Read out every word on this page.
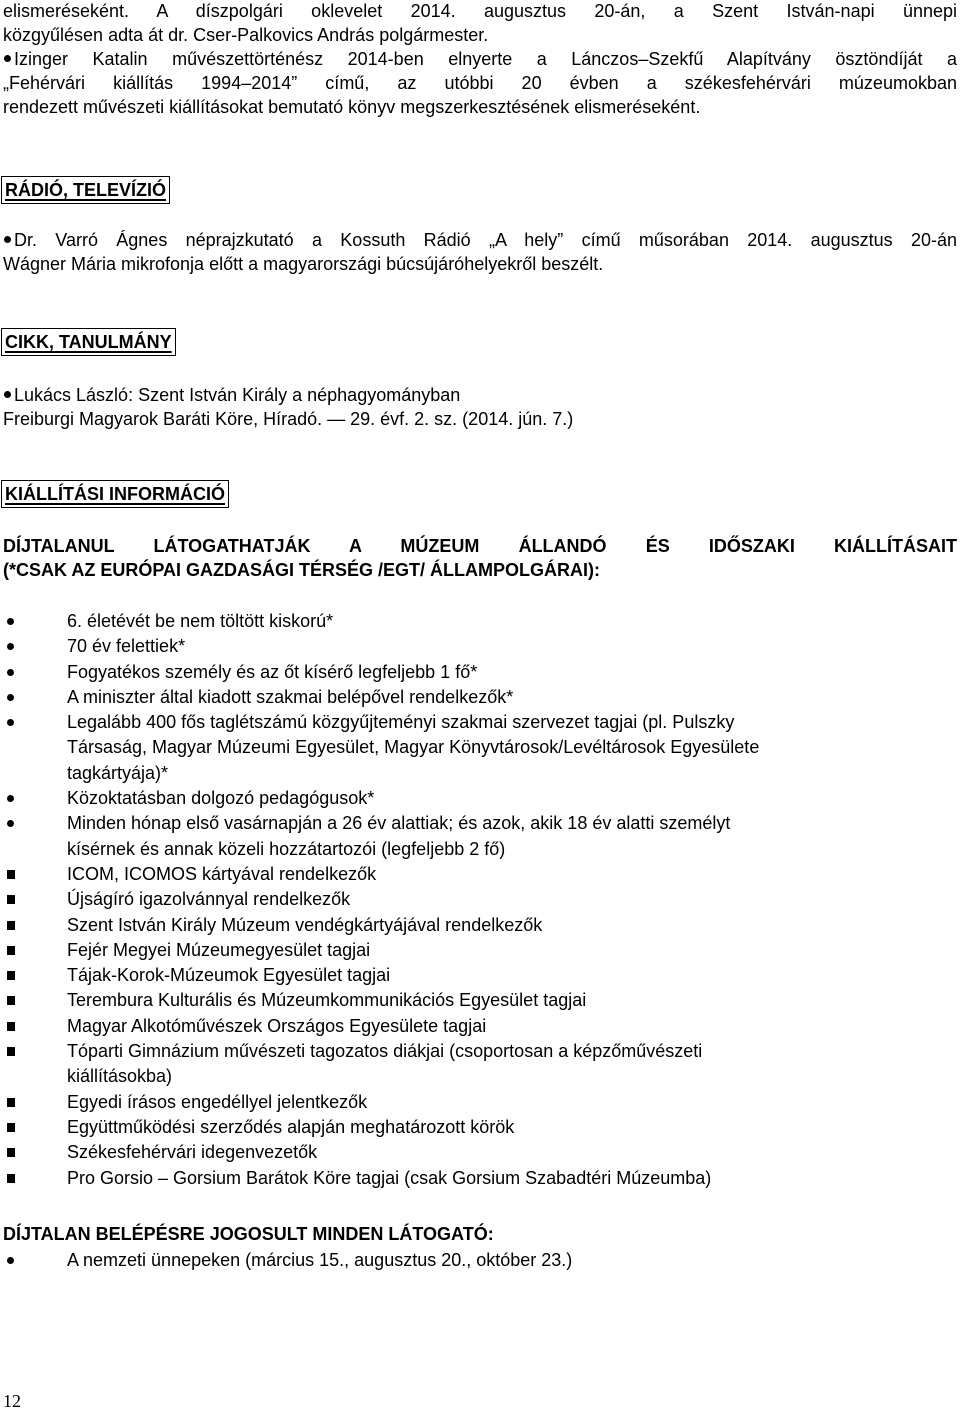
elismeréseként. A díszpolgári oklevelet 2014. augusztus 20-án, a Szent István-napi ünnepi

közgyűlésen adta át dr. Cser-Palkovics András polgármester.

Izinger Katalin művészettörténész 2014-ben elnyerte a Lánczos–Szekfű Alapítvány ösztöndíját a

„Fehérvári kiállítás 1994–2014” című, az utóbbi 20 évben a székesfehérvári múzeumokban

rendezett művészeti kiállításokat bemutató könyv megszerkesztésének elismeréseként.

RÁDIÓ, TELEVÍZIÓ

Dr. Varró Ágnes néprajzkutató a Kossuth Rádió „A hely” című műsorában 2014. augusztus 20-án

Wágner Mária mikrofonja előtt a magyarországi búcsújáróhelyekről beszélt.

CIKK, TANULMÁNY

Lukács László: Szent István Király a néphagyományban

Freiburgi Magyarok Baráti Köre, Híradó. — 29. évf. 2. sz. (2014. jún. 7.)

KIÁLLÍTÁSI INFORMÁCIÓ

DÍJTALANUL LÁTOGATHATJÁK A MÚZEUM ÁLLANDÓ ÉS IDŐSZAKI KIÁLLÍTÁSAIT

(*CSAK AZ EURÓPAI GAZDASÁGI TÉRSÉG /EGT/ ÁLLAMPOLGÁRAI):

6. életévét be nem töltött kiskorú*
70 év felettiek*
Fogyatékos személy és az őt kísérő legfeljebb 1 fő*
A miniszter által kiadott szakmai belépővel rendelkezők*
Legalább 400 fős taglétszámú közgyűjteményi szakmai szervezet tagjai (pl. Pulszky
Társaság, Magyar Múzeumi Egyesület, Magyar Könyvtárosok/Levéltárosok Egyesülete
tagkártyája)*
Közoktatásban dolgozó pedagógusok*
Minden hónap első vasárnapján a 26 év alattiak; és azok, akik 18 év alatti személyt
kísérnek és annak közeli hozzátartozói (legfeljebb 2 fő)
ICOM, ICOMOS kártyával rendelkezők
Újságíró igazolvánnyal rendelkezők
Szent István Király Múzeum vendégkártyájával rendelkezők
Fejér Megyei Múzeumegyesület tagjai
Tájak-Korok-Múzeumok Egyesület tagjai
Terembura Kulturális és Múzeumkommunikációs Egyesület tagjai
Magyar Alkotóművészek Országos Egyesülete tagjai
Tóparti Gimnázium művészeti tagozatos diákjai (csoportosan a képzőművészeti
kiállításokba)
Egyedi írásos engedéllyel jelentkezők
Együttműködési szerződés alapján meghatározott körök
Székesfehérvári idegenvezetők
Pro Gorsio – Gorsium Barátok Köre tagjai (csak Gorsium Szabadtéri Múzeumba)
DÍJTALAN BELÉPÉSRE JOGOSULT MINDEN LÁTOGATÓ:
A nemzeti ünnepeken (március 15., augusztus 20., október 23.)
12
